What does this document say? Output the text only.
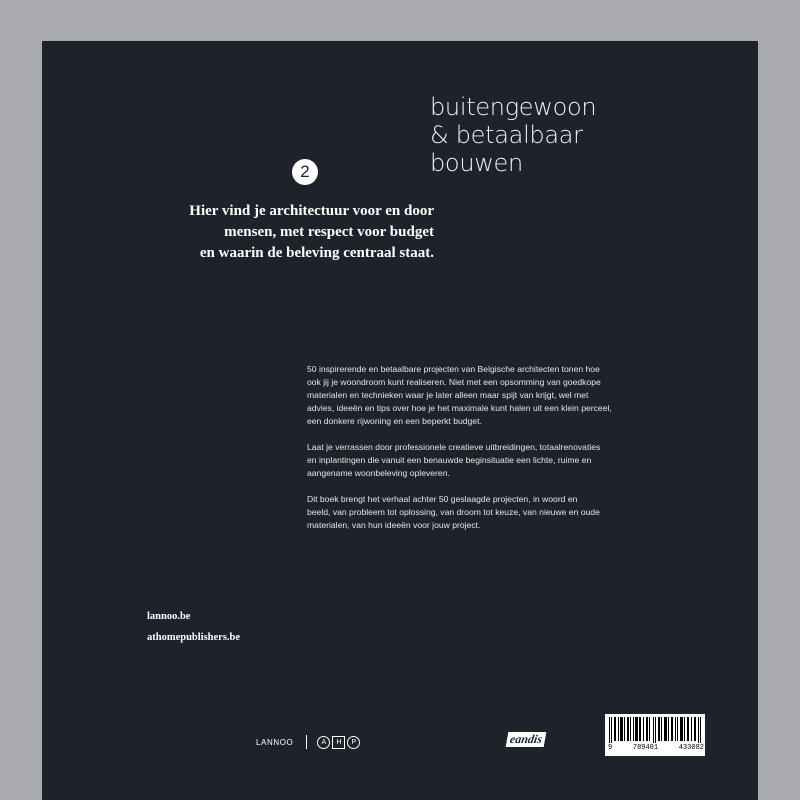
buitengewoon
& betaalbaar
bouwen
2
Hier vind je architectuur voor en door
mensen, met respect voor budget
en waarin de beleving centraal staat.
50 inspirerende en betaalbare projecten van Belgische architecten tonen hoe
ook jij je woondroom kunt realiseren. Niet met een opsomming van goedkope
materialen en technieken waar je later alleen maar spijt van krijgt, wel met
advies, ideeën en tips over hoe je het maximale kunt halen uit een klein perceel,
een donkere rijwoning en een beperkt budget.
Laat je verrassen door professionele creatieve uitbreidingen, totaalrenovaties
en inplantingen die vanuit een benauwde beginsituatie een lichte, ruime en
aangename woonbeleving opleveren.
Dit boek brengt het verhaal achter 50 geslaagde projecten, in woord en
beeld, van probleem tot oplossing, van droom tot keuze, van nieuwe en oude
materialen, van hun ideeën voor jouw project.
lannoo.be
athomepublishers.be
LANNOO	A	H	P	eandis
9	789401	433082
